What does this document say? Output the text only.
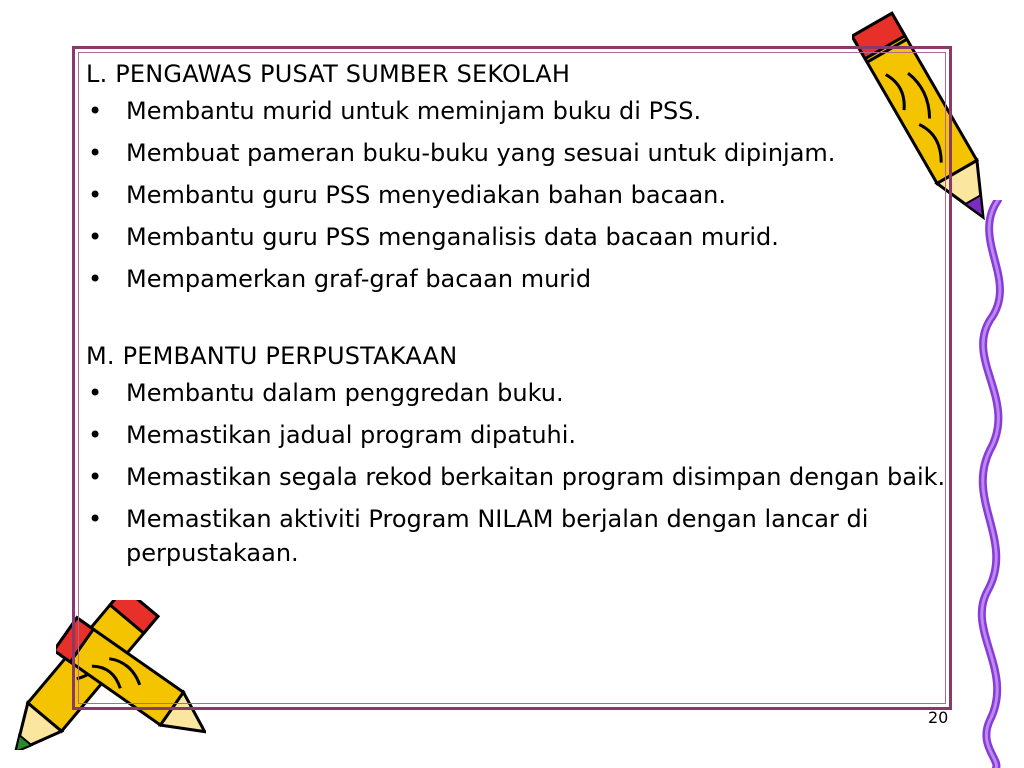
L. PENGAWAS PUSAT SUMBER SEKOLAH
• Membantu murid untuk meminjam buku di PSS.
• Membuat pameran buku-buku yang sesuai untuk dipinjam.
• Membantu guru PSS menyediakan bahan bacaan.
• Membantu guru PSS menganalisis data bacaan murid.
• Mempamerkan graf-graf bacaan murid
M. PEMBANTU PERPUSTAKAAN
• Membantu dalam penggredan buku.
• Memastikan jadual program dipatuhi.
• Memastikan segala rekod berkaitan program disimpan dengan baik.
• Memastikan aktiviti Program NILAM berjalan dengan lancar di perpustakaan.
20
